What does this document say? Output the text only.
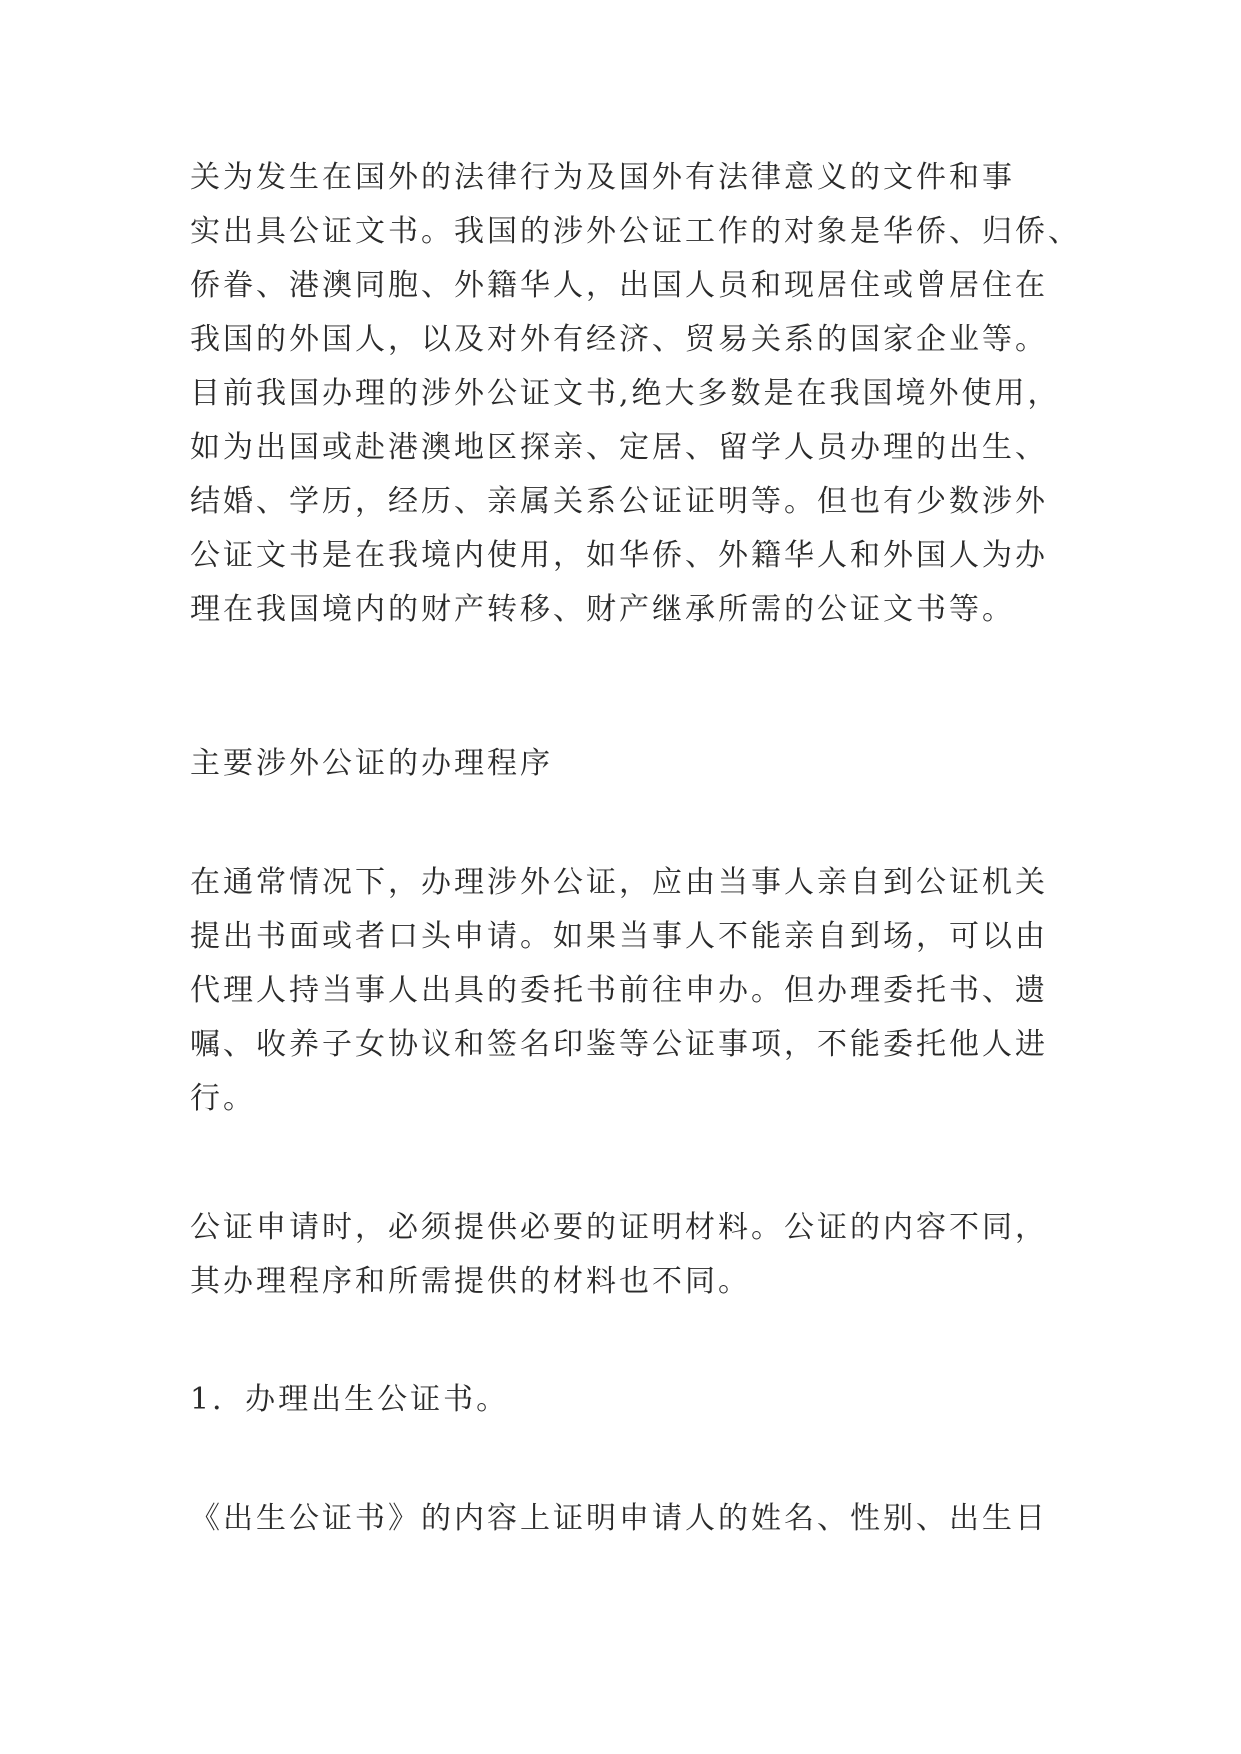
关为发生在国外的法律行为及国外有法律意义的文件和事
实出具公证文书。我国的涉外公证工作的对象是华侨、归侨、
侨眷、港澳同胞、外籍华人，出国人员和现居住或曾居住在
我国的外国人，以及对外有经济、贸易关系的国家企业等。
目前我国办理的涉外公证文书,绝大多数是在我国境外使用，
如为出国或赴港澳地区探亲、定居、留学人员办理的出生、
结婚、学历，经历、亲属关系公证证明等。但也有少数涉外
公证文书是在我境内使用，如华侨、外籍华人和外国人为办
理在我国境内的财产转移、财产继承所需的公证文书等。
主要涉外公证的办理程序
在通常情况下，办理涉外公证，应由当事人亲自到公证机关
提出书面或者口头申请。如果当事人不能亲自到场，可以由
代理人持当事人出具的委托书前往申办。但办理委托书、遗
嘱、收养子女协议和签名印鉴等公证事项，不能委托他人进
行。
公证申请时，必须提供必要的证明材料。公证的内容不同，
其办理程序和所需提供的材料也不同。
1．办理出生公证书。
《出生公证书》的内容上证明申请人的姓名、性别、出生日
